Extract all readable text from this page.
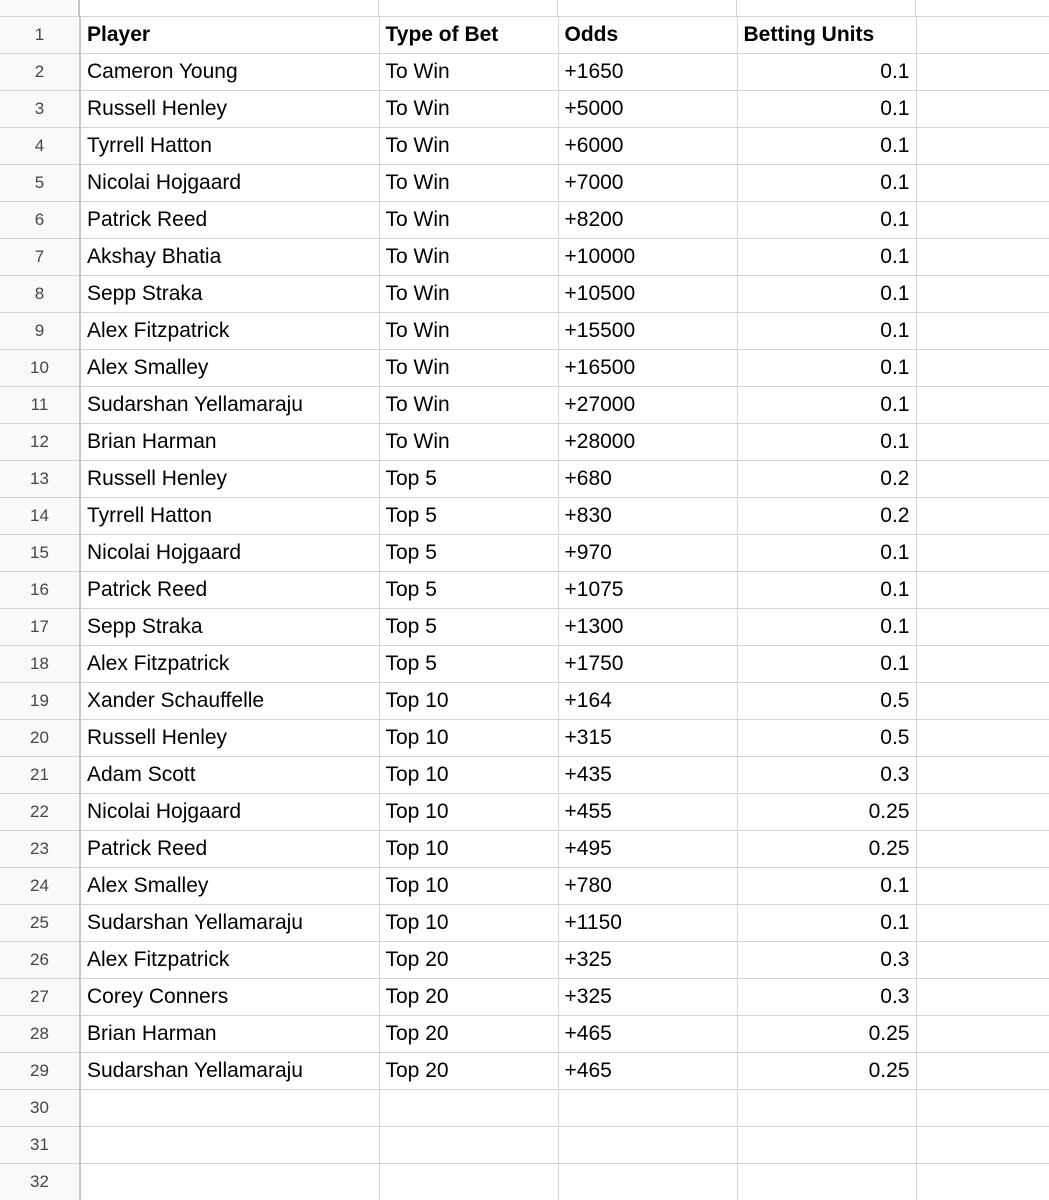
1	Player	Type of Bet	Odds	Betting Units	
2	Cameron Young	To Win	+1650	0.1	
3	Russell Henley	To Win	+5000	0.1	
4	Tyrrell Hatton	To Win	+6000	0.1	
5	Nicolai Hojgaard	To Win	+7000	0.1	
6	Patrick Reed	To Win	+8200	0.1	
7	Akshay Bhatia	To Win	+10000	0.1	
8	Sepp Straka	To Win	+10500	0.1	
9	Alex Fitzpatrick	To Win	+15500	0.1	
10	Alex Smalley	To Win	+16500	0.1	
11	Sudarshan Yellamaraju	To Win	+27000	0.1	
12	Brian Harman	To Win	+28000	0.1	
13	Russell Henley	Top 5	+680	0.2	
14	Tyrrell Hatton	Top 5	+830	0.2	
15	Nicolai Hojgaard	Top 5	+970	0.1	
16	Patrick Reed	Top 5	+1075	0.1	
17	Sepp Straka	Top 5	+1300	0.1	
18	Alex Fitzpatrick	Top 5	+1750	0.1	
19	Xander Schauffelle	Top 10	+164	0.5	
20	Russell Henley	Top 10	+315	0.5	
21	Adam Scott	Top 10	+435	0.3	
22	Nicolai Hojgaard	Top 10	+455	0.25	
23	Patrick Reed	Top 10	+495	0.25	
24	Alex Smalley	Top 10	+780	0.1	
25	Sudarshan Yellamaraju	Top 10	+1150	0.1	
26	Alex Fitzpatrick	Top 20	+325	0.3	
27	Corey Conners	Top 20	+325	0.3	
28	Brian Harman	Top 20	+465	0.25	
29	Sudarshan Yellamaraju	Top 20	+465	0.25	
30					
31					
32					
